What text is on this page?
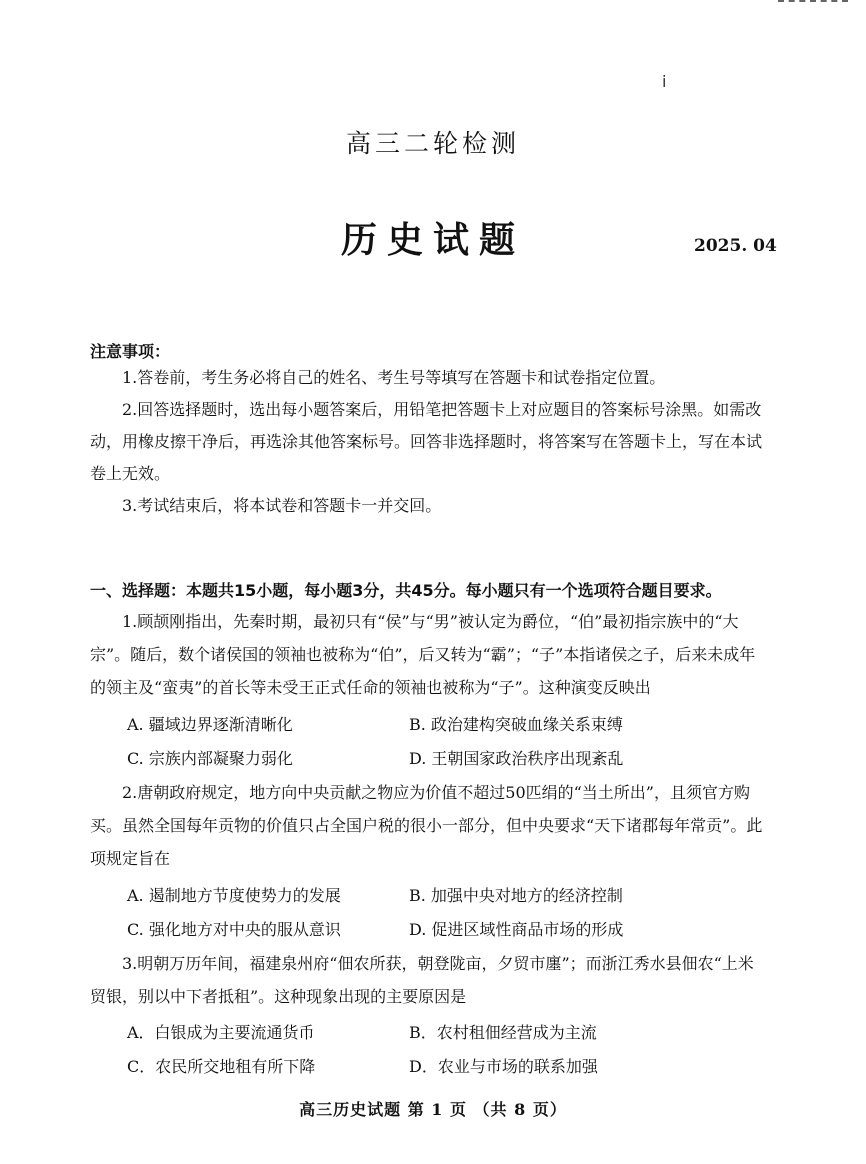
i
高三二轮检测
历史试题	2025. 04
注意事项：

1.答卷前，考生务必将自己的姓名、考生号等填写在答题卡和试卷指定位置。

2.回答选择题时，选出每小题答案后，用铅笔把答题卡上对应题目的答案标号涂黑。如需改动，用橡皮擦干净后，再选涂其他答案标号。回答非选择题时，将答案写在答题卡上，写在本试卷上无效。

3.考试结束后，将本试卷和答题卡一并交回。

一、选择题：本题共15小题，每小题3分，共45分。每小题只有一个选项符合题目要求。
1.顾颉刚指出，先秦时期，最初只有“侯”与“男”被认定为爵位，“伯”最初指宗族中的“大宗”。随后，数个诸侯国的领袖也被称为“伯”，后又转为“霸”；“子”本指诸侯之子，后来未成年的领主及“蛮夷”的首长等未受王正式任命的领袖也被称为“子”。这种演变反映出
A. 疆域边界逐渐清晰化	B. 政治建构突破血缘关系束缚
C. 宗族内部凝聚力弱化	D. 王朝国家政治秩序出现紊乱
2.唐朝政府规定，地方向中央贡献之物应为价值不超过50匹绢的“当土所出”，且须官方购买。虽然全国每年贡物的价值只占全国户税的很小一部分，但中央要求“天下诸郡每年常贡”。此项规定旨在
A. 遏制地方节度使势力的发展	B. 加强中央对地方的经济控制
C. 强化地方对中央的服从意识	D. 促进区域性商品市场的形成
3.明朝万历年间，福建泉州府“佃农所获，朝登陇亩，夕贸市廛”；而浙江秀水县佃农“上米贸银，别以中下者抵租”。这种现象出现的主要原因是
A．白银成为主要流通货币	B．农村租佃经营成为主流
C．农民所交地租有所下降	D．农业与市场的联系加强
高三历史试题 第 1 页 （共 8 页）
